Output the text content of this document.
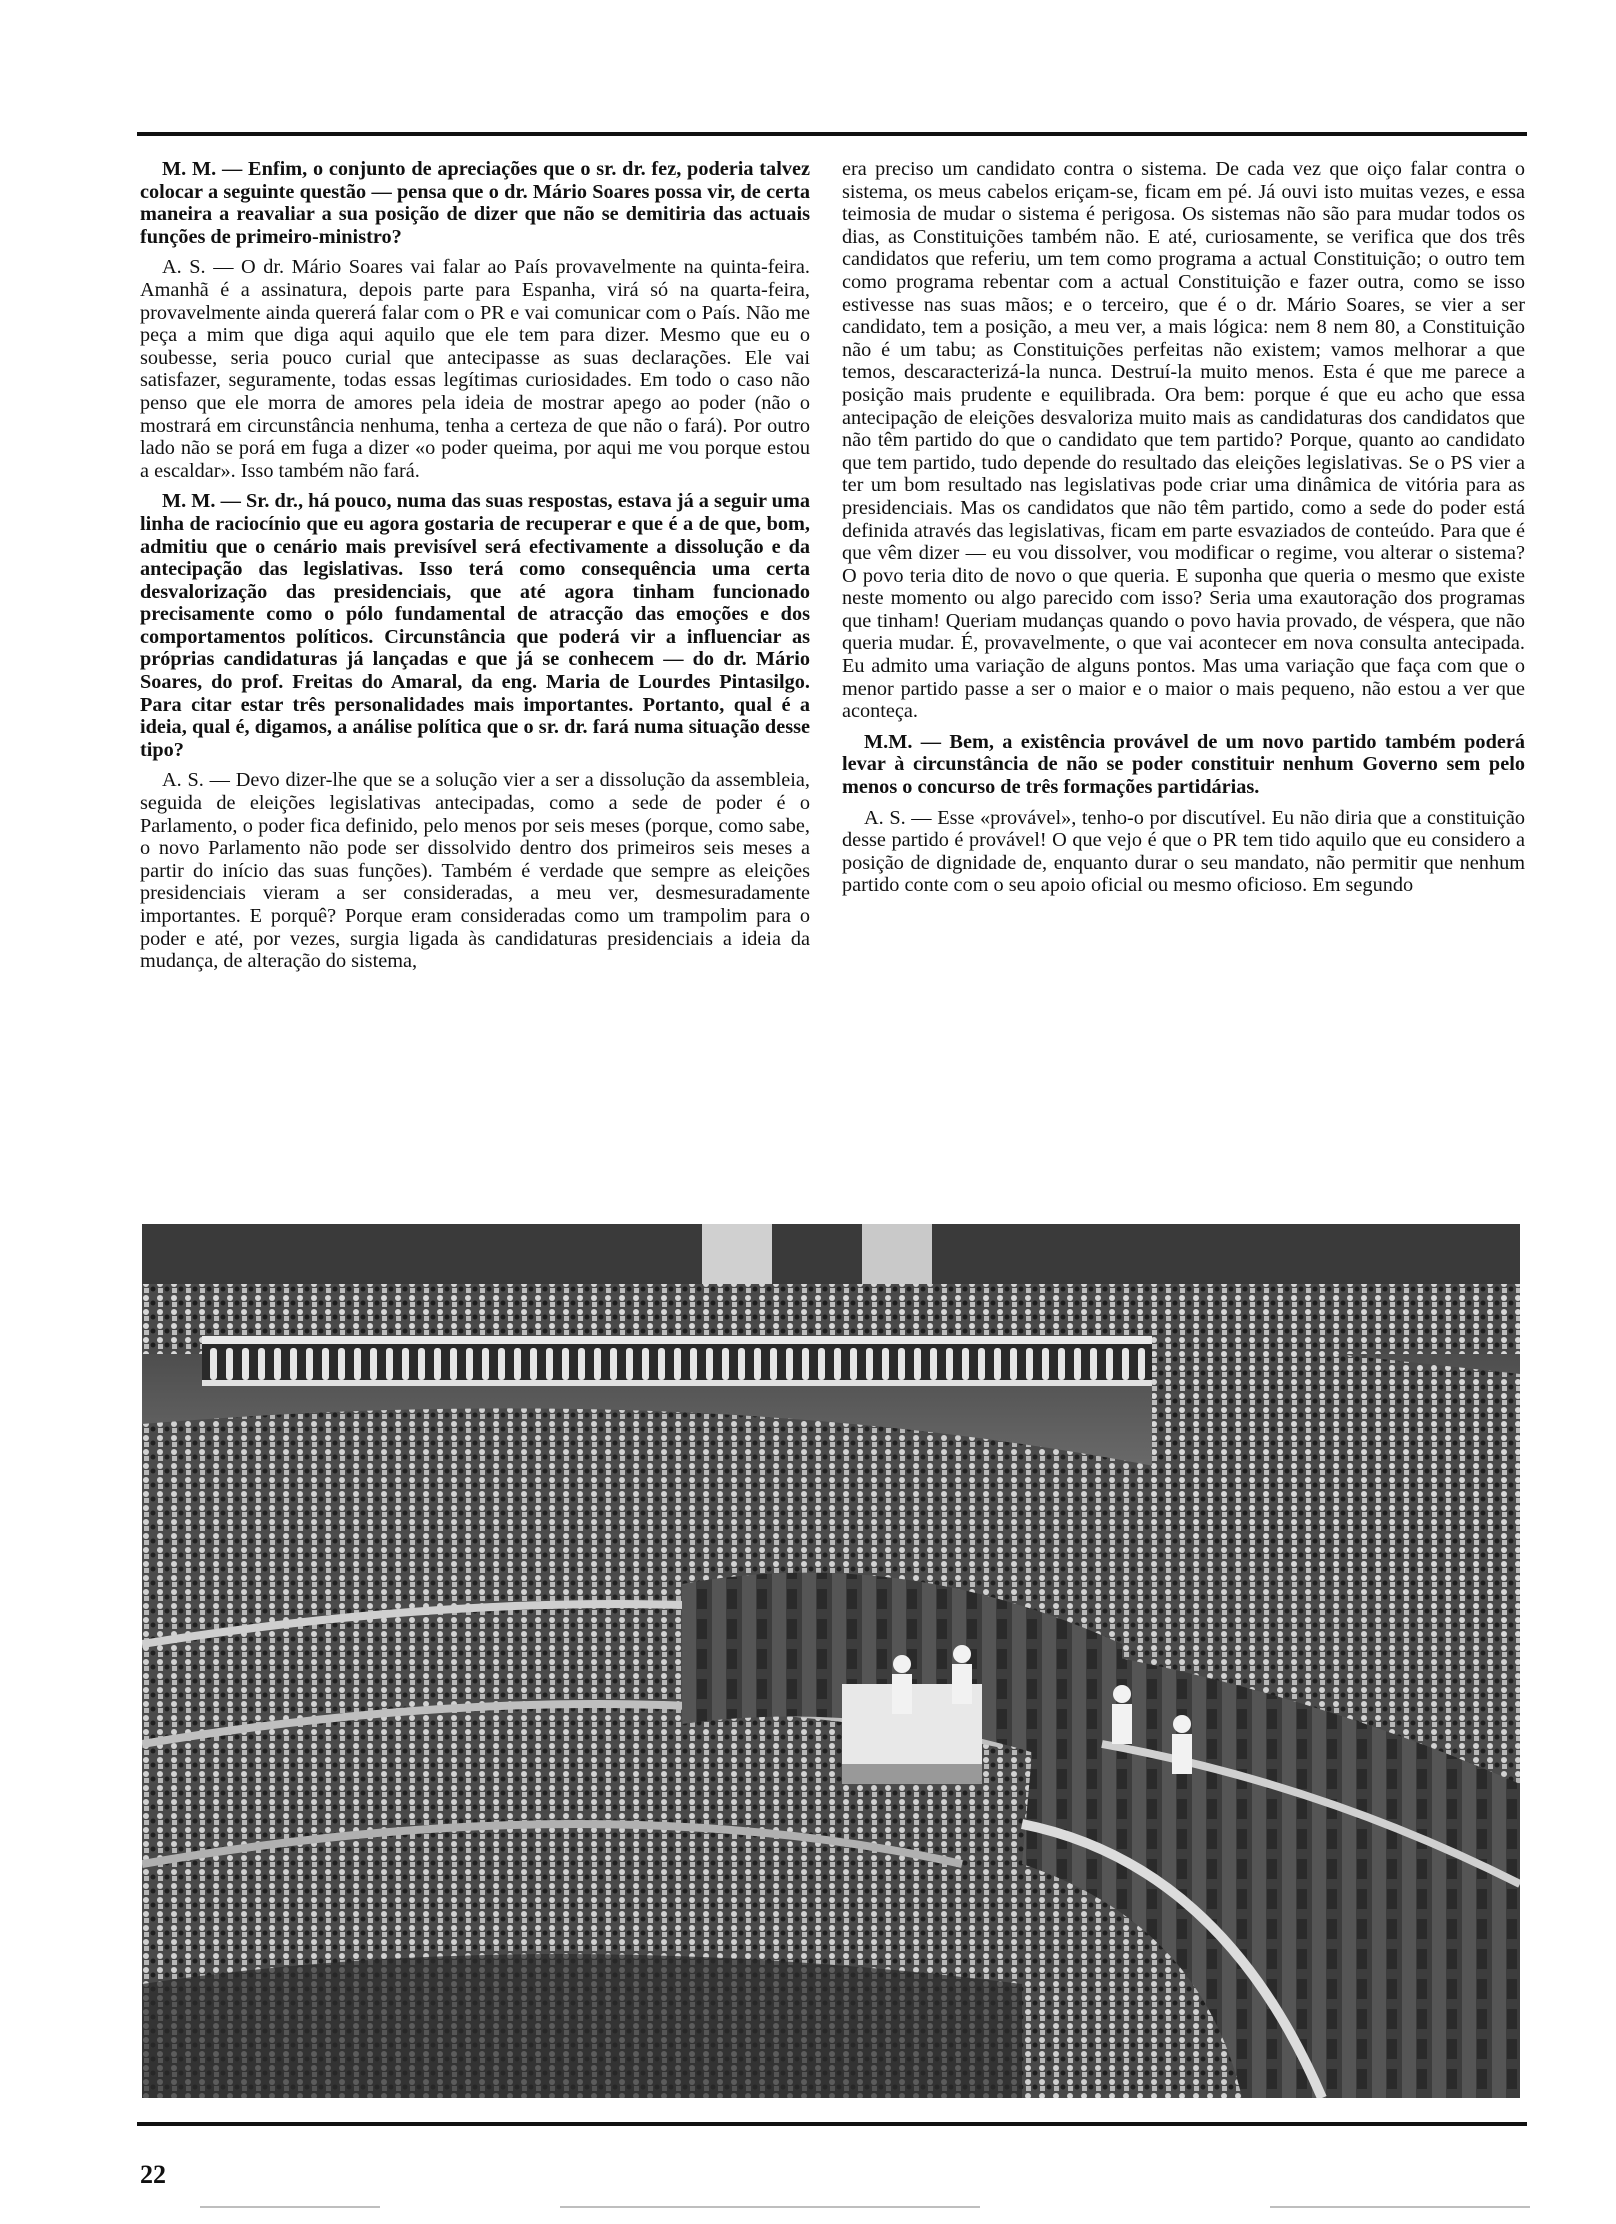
M. M. — Enfim, o conjunto de apreciações que o sr. dr. fez, poderia talvez colocar a seguinte questão — pensa que o dr. Mário Soares possa vir, de certa maneira a reavaliar a sua posição de dizer que não se demitiria das actuais funções de primeiro-ministro?

A. S. — O dr. Mário Soares vai falar ao País provavelmente na quinta-feira. Amanhã é a assinatura, depois parte para Espanha, virá só na quarta-feira, provavelmente ainda quererá falar com o PR e vai comunicar com o País. Não me peça a mim que diga aqui aquilo que ele tem para dizer. Mesmo que eu o soubesse, seria pouco curial que antecipasse as suas declarações. Ele vai satisfazer, seguramente, todas essas legítimas curiosidades. Em todo o caso não penso que ele morra de amores pela ideia de mostrar apego ao poder (não o mostrará em circunstância nenhuma, tenha a certeza de que não o fará). Por outro lado não se porá em fuga a dizer «o poder queima, por aqui me vou porque estou a escaldar». Isso também não fará.

M. M. — Sr. dr., há pouco, numa das suas respostas, estava já a seguir uma linha de raciocínio que eu agora gostaria de recuperar e que é a de que, bom, admitiu que o cenário mais previsível será efectivamente a dissolução e da antecipação das legislativas. Isso terá como consequência uma certa desvalorização das presidenciais, que até agora tinham funcionado precisamente como o pólo fundamental de atracção das emoções e dos comportamentos políticos. Circunstância que poderá vir a influenciar as próprias candidaturas já lançadas e que já se conhecem — do dr. Mário Soares, do prof. Freitas do Amaral, da eng. Maria de Lourdes Pintasilgo. Para citar estar três personalidades mais importantes. Portanto, qual é a ideia, qual é, digamos, a análise política que o sr. dr. fará numa situação desse tipo?

A. S. — Devo dizer-lhe que se a solução vier a ser a dissolução da assembleia, seguida de eleições legislativas antecipadas, como a sede de poder é o Parlamento, o poder fica definido, pelo menos por seis meses (porque, como sabe, o novo Parlamento não pode ser dissolvido dentro dos primeiros seis meses a partir do início das suas funções). Também é verdade que sempre as eleições presidenciais vieram a ser consideradas, a meu ver, desmesuradamente importantes. E porquê? Porque eram consideradas como um trampolim para o poder e até, por vezes, surgia ligada às candidaturas presidenciais a ideia da mudança, de alteração do sistema,

era preciso um candidato contra o sistema. De cada vez que oiço falar contra o sistema, os meus cabelos eriçam-se, ficam em pé. Já ouvi isto muitas vezes, e essa teimosia de mudar o sistema é perigosa. Os sistemas não são para mudar todos os dias, as Constituições também não. E até, curiosamente, se verifica que dos três candidatos que referiu, um tem como programa a actual Constituição; o outro tem como programa rebentar com a actual Constituição e fazer outra, como se isso estivesse nas suas mãos; e o terceiro, que é o dr. Mário Soares, se vier a ser candidato, tem a posição, a meu ver, a mais lógica: nem 8 nem 80, a Constituição não é um tabu; as Constituições perfeitas não existem; vamos melhorar a que temos, descaracterizá-la nunca. Destruí-la muito menos. Esta é que me parece a posição mais prudente e equilibrada. Ora bem: porque é que eu acho que essa antecipação de eleições desvaloriza muito mais as candidaturas dos candidatos que não têm partido do que o candidato que tem partido? Porque, quanto ao candidato que tem partido, tudo depende do resultado das eleições legislativas. Se o PS vier a ter um bom resultado nas legislativas pode criar uma dinâmica de vitória para as presidenciais. Mas os candidatos que não têm partido, como a sede do poder está definida através das legislativas, ficam em parte esvaziados de conteúdo. Para que é que vêm dizer — eu vou dissolver, vou modificar o regime, vou alterar o sistema? O povo teria dito de novo o que queria. E suponha que queria o mesmo que existe neste momento ou algo parecido com isso? Seria uma exautoração dos programas que tinham! Queriam mudanças quando o povo havia provado, de véspera, que não queria mudar. É, provavelmente, o que vai acontecer em nova consulta antecipada. Eu admito uma variação de alguns pontos. Mas uma variação que faça com que o menor partido passe a ser o maior e o maior o mais pequeno, não estou a ver que aconteça.

M.M. — Bem, a existência provável de um novo partido também poderá levar à circunstância de não se poder constituir nenhum Governo sem pelo menos o concurso de três formações partidárias.

A. S. — Esse «provável», tenho-o por discutível. Eu não diria que a constituição desse partido é provável! O que vejo é que o PR tem tido aquilo que eu considero a posição de dignidade de, enquanto durar o seu mandato, não permitir que nenhum partido conte com o seu apoio oficial ou mesmo oficioso. Em segundo

22
